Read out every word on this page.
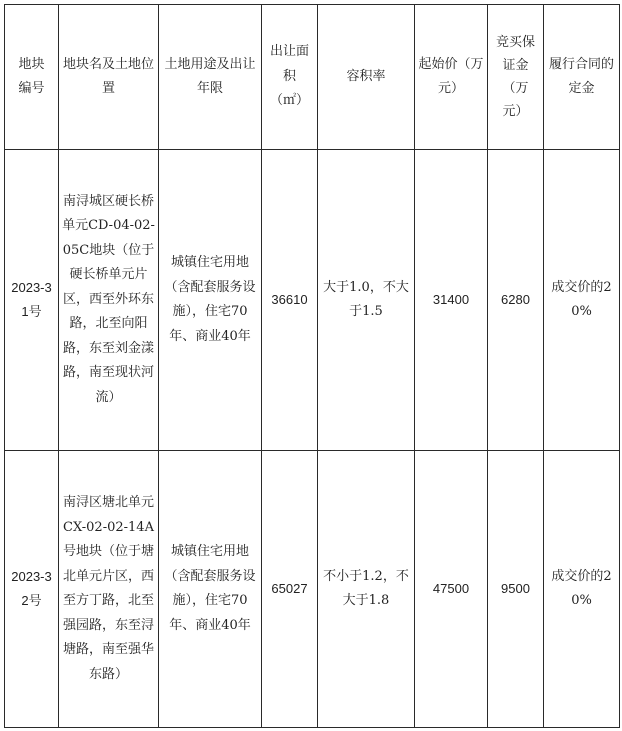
地块编号	地块名及土地位置	土地用途及出让年限	出让面积（㎡）	容积率	起始价（万元）	竞买保证金（万元）	履行合同的定金
2023-31号	南浔城区硬长桥单元CD-04-02-05C地块（位于硬长桥单元片区，西至外环东路，北至向阳路，东至刘金漾路，南至现状河流）	城镇住宅用地（含配套服务设施），住宅70年、商业40年	36610	大于1.0，不大于1.5	31400	6280	成交价的20%
2023-32号	南浔区塘北单元CX-02-02-14A号地块（位于塘北单元片区，西至方丁路，北至强园路，东至浔塘路，南至强华东路）	城镇住宅用地（含配套服务设施），住宅70年、商业40年	65027	不小于1.2，不大于1.8	47500	9500	成交价的20%
